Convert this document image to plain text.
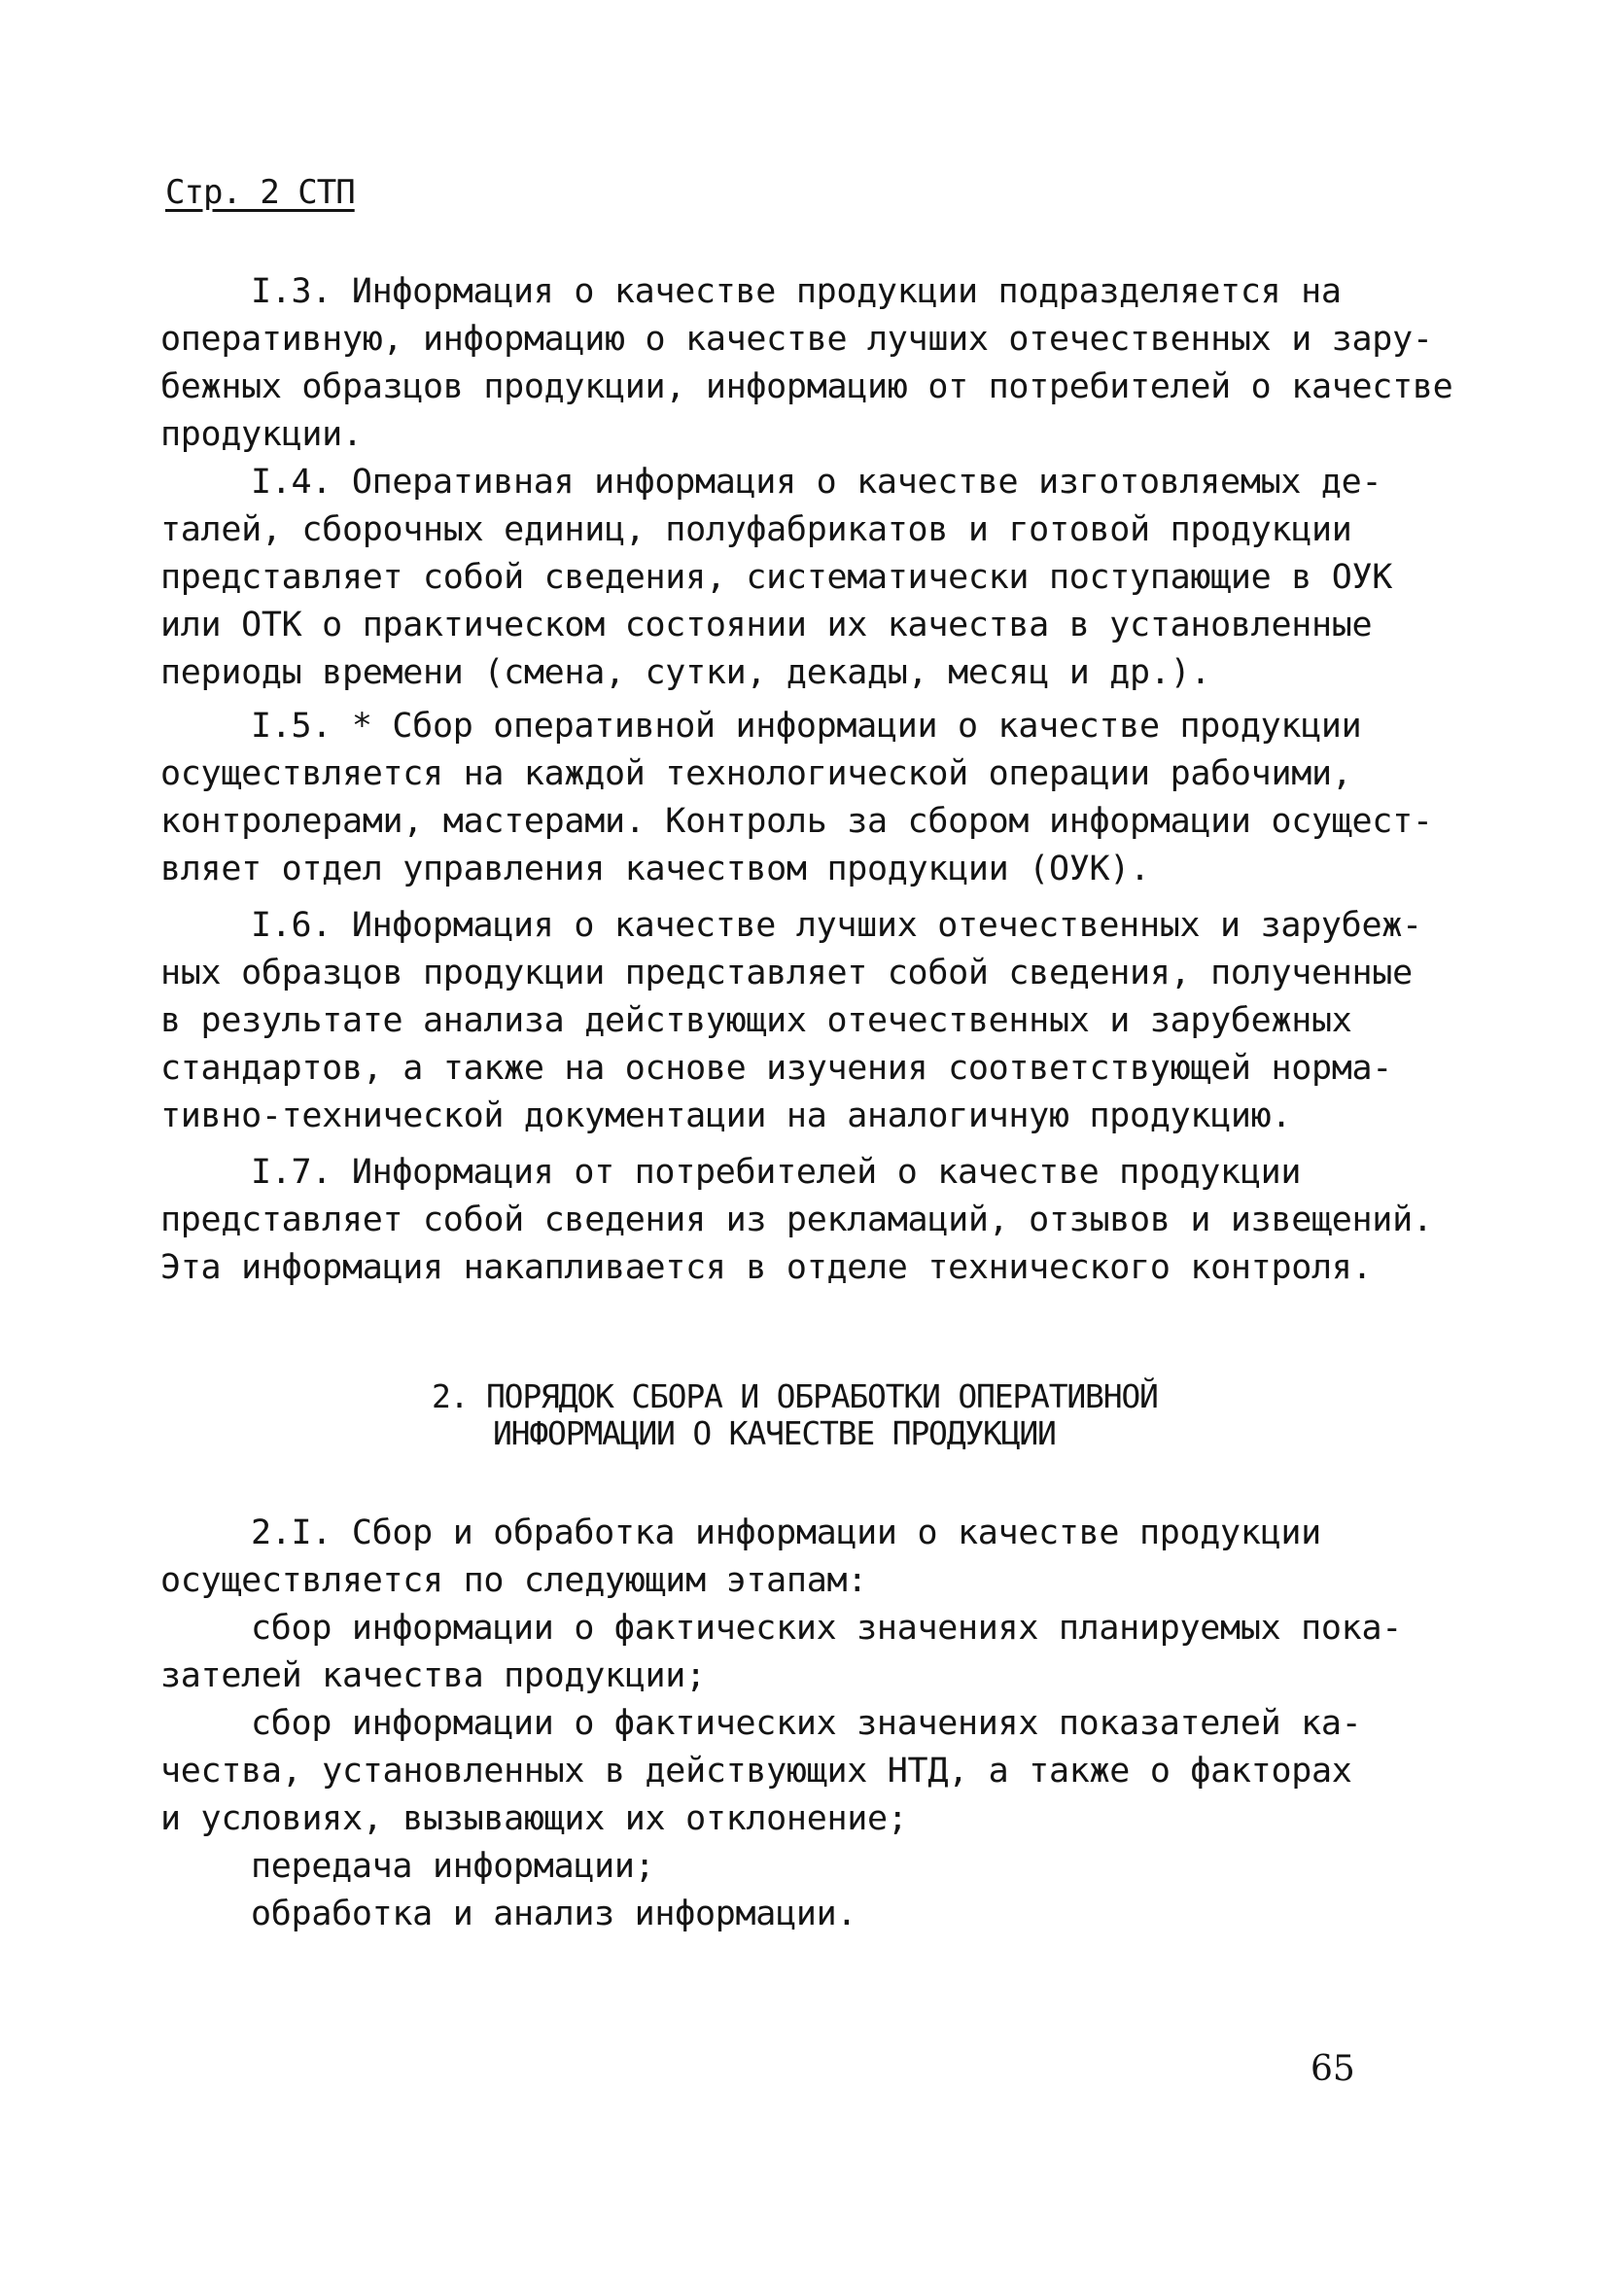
Стр. 2 СТП
I.3. Информация о качестве продукции подразделяется на
оперативную, информацию о качестве лучших отечественных и зару-
бежных образцов продукции, информацию от потребителей о качестве
продукции.
I.4. Оперативная информация о качестве изготовляемых де-
талей, сборочных единиц, полуфабрикатов и готовой продукции
представляет собой сведения, систематически поступающие в ОУК
или ОТК о практическом состоянии их качества в установленные
периоды времени (смена, сутки, декады, месяц и др.).
I.5. * Сбор оперативной информации о качестве продукции
осуществляется на каждой технологической операции рабочими,
контролерами, мастерами. Контроль за сбором информации осущест-
вляет отдел управления качеством продукции (ОУК).
I.6. Информация о качестве лучших отечественных и зарубеж-
ных образцов продукции представляет собой сведения, полученные
в результате анализа действующих отечественных и зарубежных
стандартов, а также на основе изучения соответствующей норма-
тивно-технической документации на аналогичную продукцию.
I.7. Информация от потребителей о качестве продукции
представляет собой сведения из рекламаций, отзывов и извещений.
Эта информация накапливается в отделе технического контроля.
2. ПОРЯДОК СБОРА И ОБРАБОТКИ ОПЕРАТИВНОЙ
ИНФОРМАЦИИ О КАЧЕСТВЕ ПРОДУКЦИИ
2.I. Сбор и обработка информации о качестве продукции
осуществляется по следующим этапам:
сбор информации о фактических значениях планируемых пока-
зателей качества продукции;
сбор информации о фактических значениях показателей ка-
чества, установленных в действующих НТД, а также о факторах
и условиях, вызывающих их отклонение;
передача информации;
обработка и анализ информации.
65
